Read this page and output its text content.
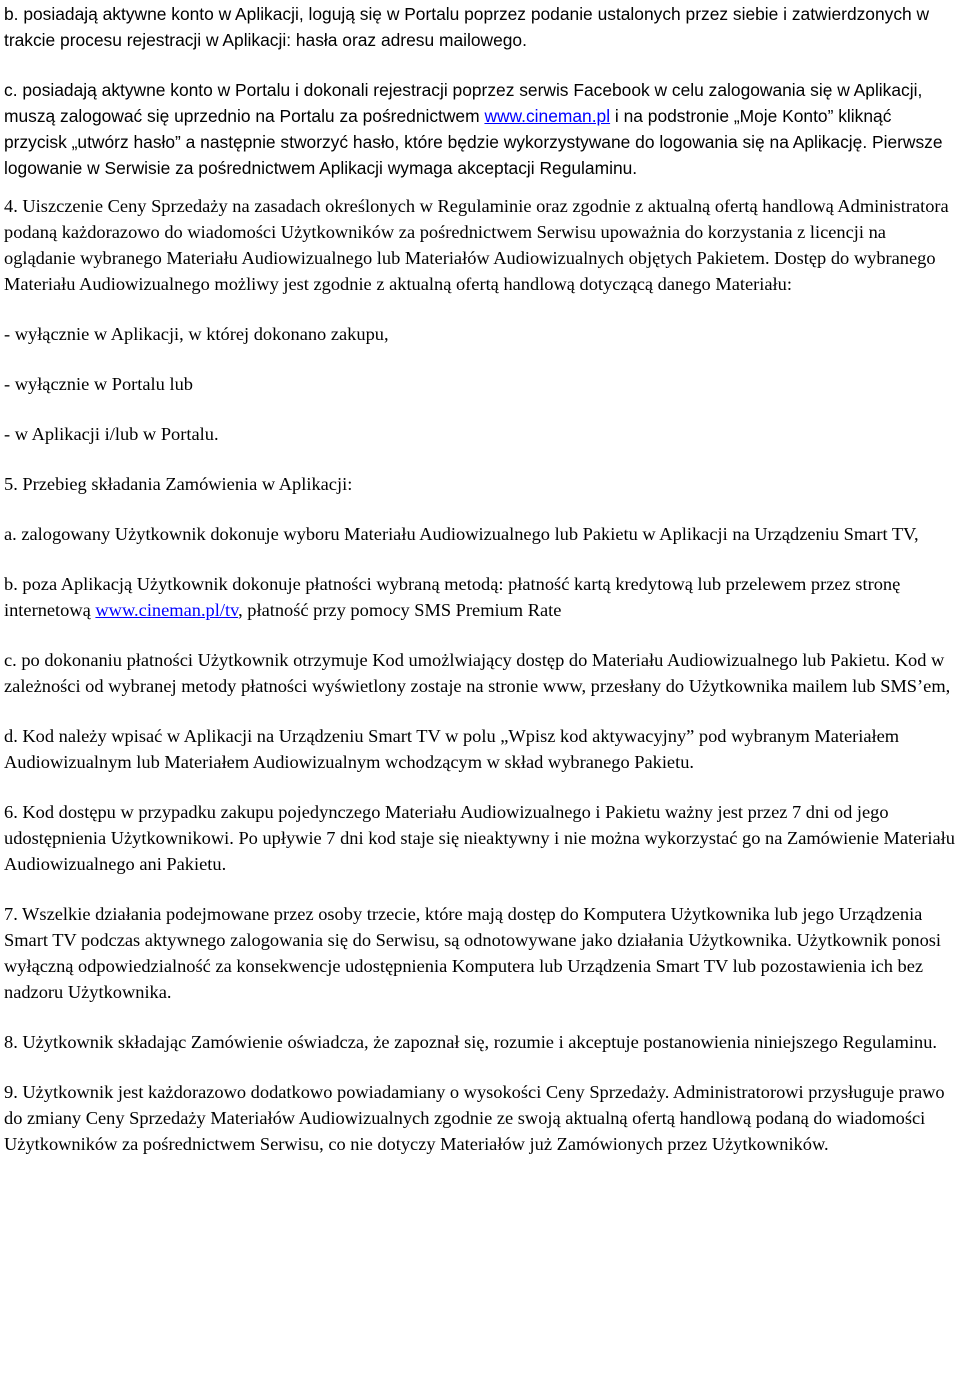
b. posiadają aktywne konto w Aplikacji, logują się w Portalu poprzez podanie ustalonych przez siebie i zatwierdzonych w trakcie procesu rejestracji w Aplikacji: hasła oraz adresu mailowego.

c. posiadają aktywne konto w Portalu i dokonali rejestracji poprzez serwis Facebook w celu zalogowania się w Aplikacji, muszą zalogować się uprzednio na Portalu za pośrednictwem www.cineman.pl i na podstronie „Moje Konto” kliknąć przycisk „utwórz hasło” a następnie stworzyć hasło, które będzie wykorzystywane do logowania się na Aplikację. Pierwsze logowanie w Serwisie za pośrednictwem Aplikacji wymaga akceptacji Regulaminu.

4. Uiszczenie Ceny Sprzedaży na zasadach określonych w Regulaminie oraz zgodnie z aktualną ofertą handlową Administratora podaną każdorazowo do wiadomości Użytkowników za pośrednictwem Serwisu upoważnia do korzystania z licencji na oglądanie wybranego Materiału Audiowizualnego lub Materiałów Audiowizualnych objętych Pakietem. Dostęp do wybranego Materiału Audiowizualnego możliwy jest zgodnie z aktualną ofertą handlową dotyczącą danego Materiału:

- wyłącznie w Aplikacji, w której dokonano zakupu,

- wyłącznie w Portalu lub

- w Aplikacji i/lub w Portalu.

5. Przebieg składania Zamówienia w Aplikacji:

a. zalogowany Użytkownik dokonuje wyboru Materiału Audiowizualnego lub Pakietu w Aplikacji na Urządzeniu Smart TV,

b. poza Aplikacją Użytkownik dokonuje płatności wybraną metodą: płatność kartą kredytową lub przelewem przez stronę internetową www.cineman.pl/tv, płatność przy pomocy SMS Premium Rate

c. po dokonaniu płatności Użytkownik otrzymuje Kod umożlwiający dostęp do Materiału Audiowizualnego lub Pakietu. Kod w zależności od wybranej metody płatności wyświetlony zostaje na stronie www, przesłany do Użytkownika mailem lub SMS’em,

d. Kod należy wpisać w Aplikacji na Urządzeniu Smart TV w polu „Wpisz kod aktywacyjny” pod wybranym Materiałem Audiowizualnym lub Materiałem Audiowizualnym wchodzącym w skład wybranego Pakietu.

6. Kod dostępu w przypadku zakupu pojedynczego Materiału Audiowizualnego i Pakietu ważny jest przez 7 dni od jego udostępnienia Użytkownikowi. Po upływie 7 dni kod staje się nieaktywny i nie można wykorzystać go na Zamówienie Materiału Audiowizualnego ani Pakietu.

7. Wszelkie działania podejmowane przez osoby trzecie, które mają dostęp do Komputera Użytkownika lub jego Urządzenia Smart TV podczas aktywnego zalogowania się do Serwisu, są odnotowywane jako działania Użytkownika. Użytkownik ponosi wyłączną odpowiedzialność za konsekwencje udostępnienia Komputera lub Urządzenia Smart TV lub pozostawienia ich bez nadzoru Użytkownika.

8. Użytkownik składając Zamówienie oświadcza, że zapoznał się, rozumie i akceptuje postanowienia niniejszego Regulaminu.

9. Użytkownik jest każdorazowo dodatkowo powiadamiany o wysokości Ceny Sprzedaży. Administratorowi przysługuje prawo do zmiany Ceny Sprzedaży Materiałów Audiowizualnych zgodnie ze swoją aktualną ofertą handlową podaną do wiadomości Użytkowników za pośrednictwem Serwisu, co nie dotyczy Materiałów już Zamówionych przez Użytkowników.
